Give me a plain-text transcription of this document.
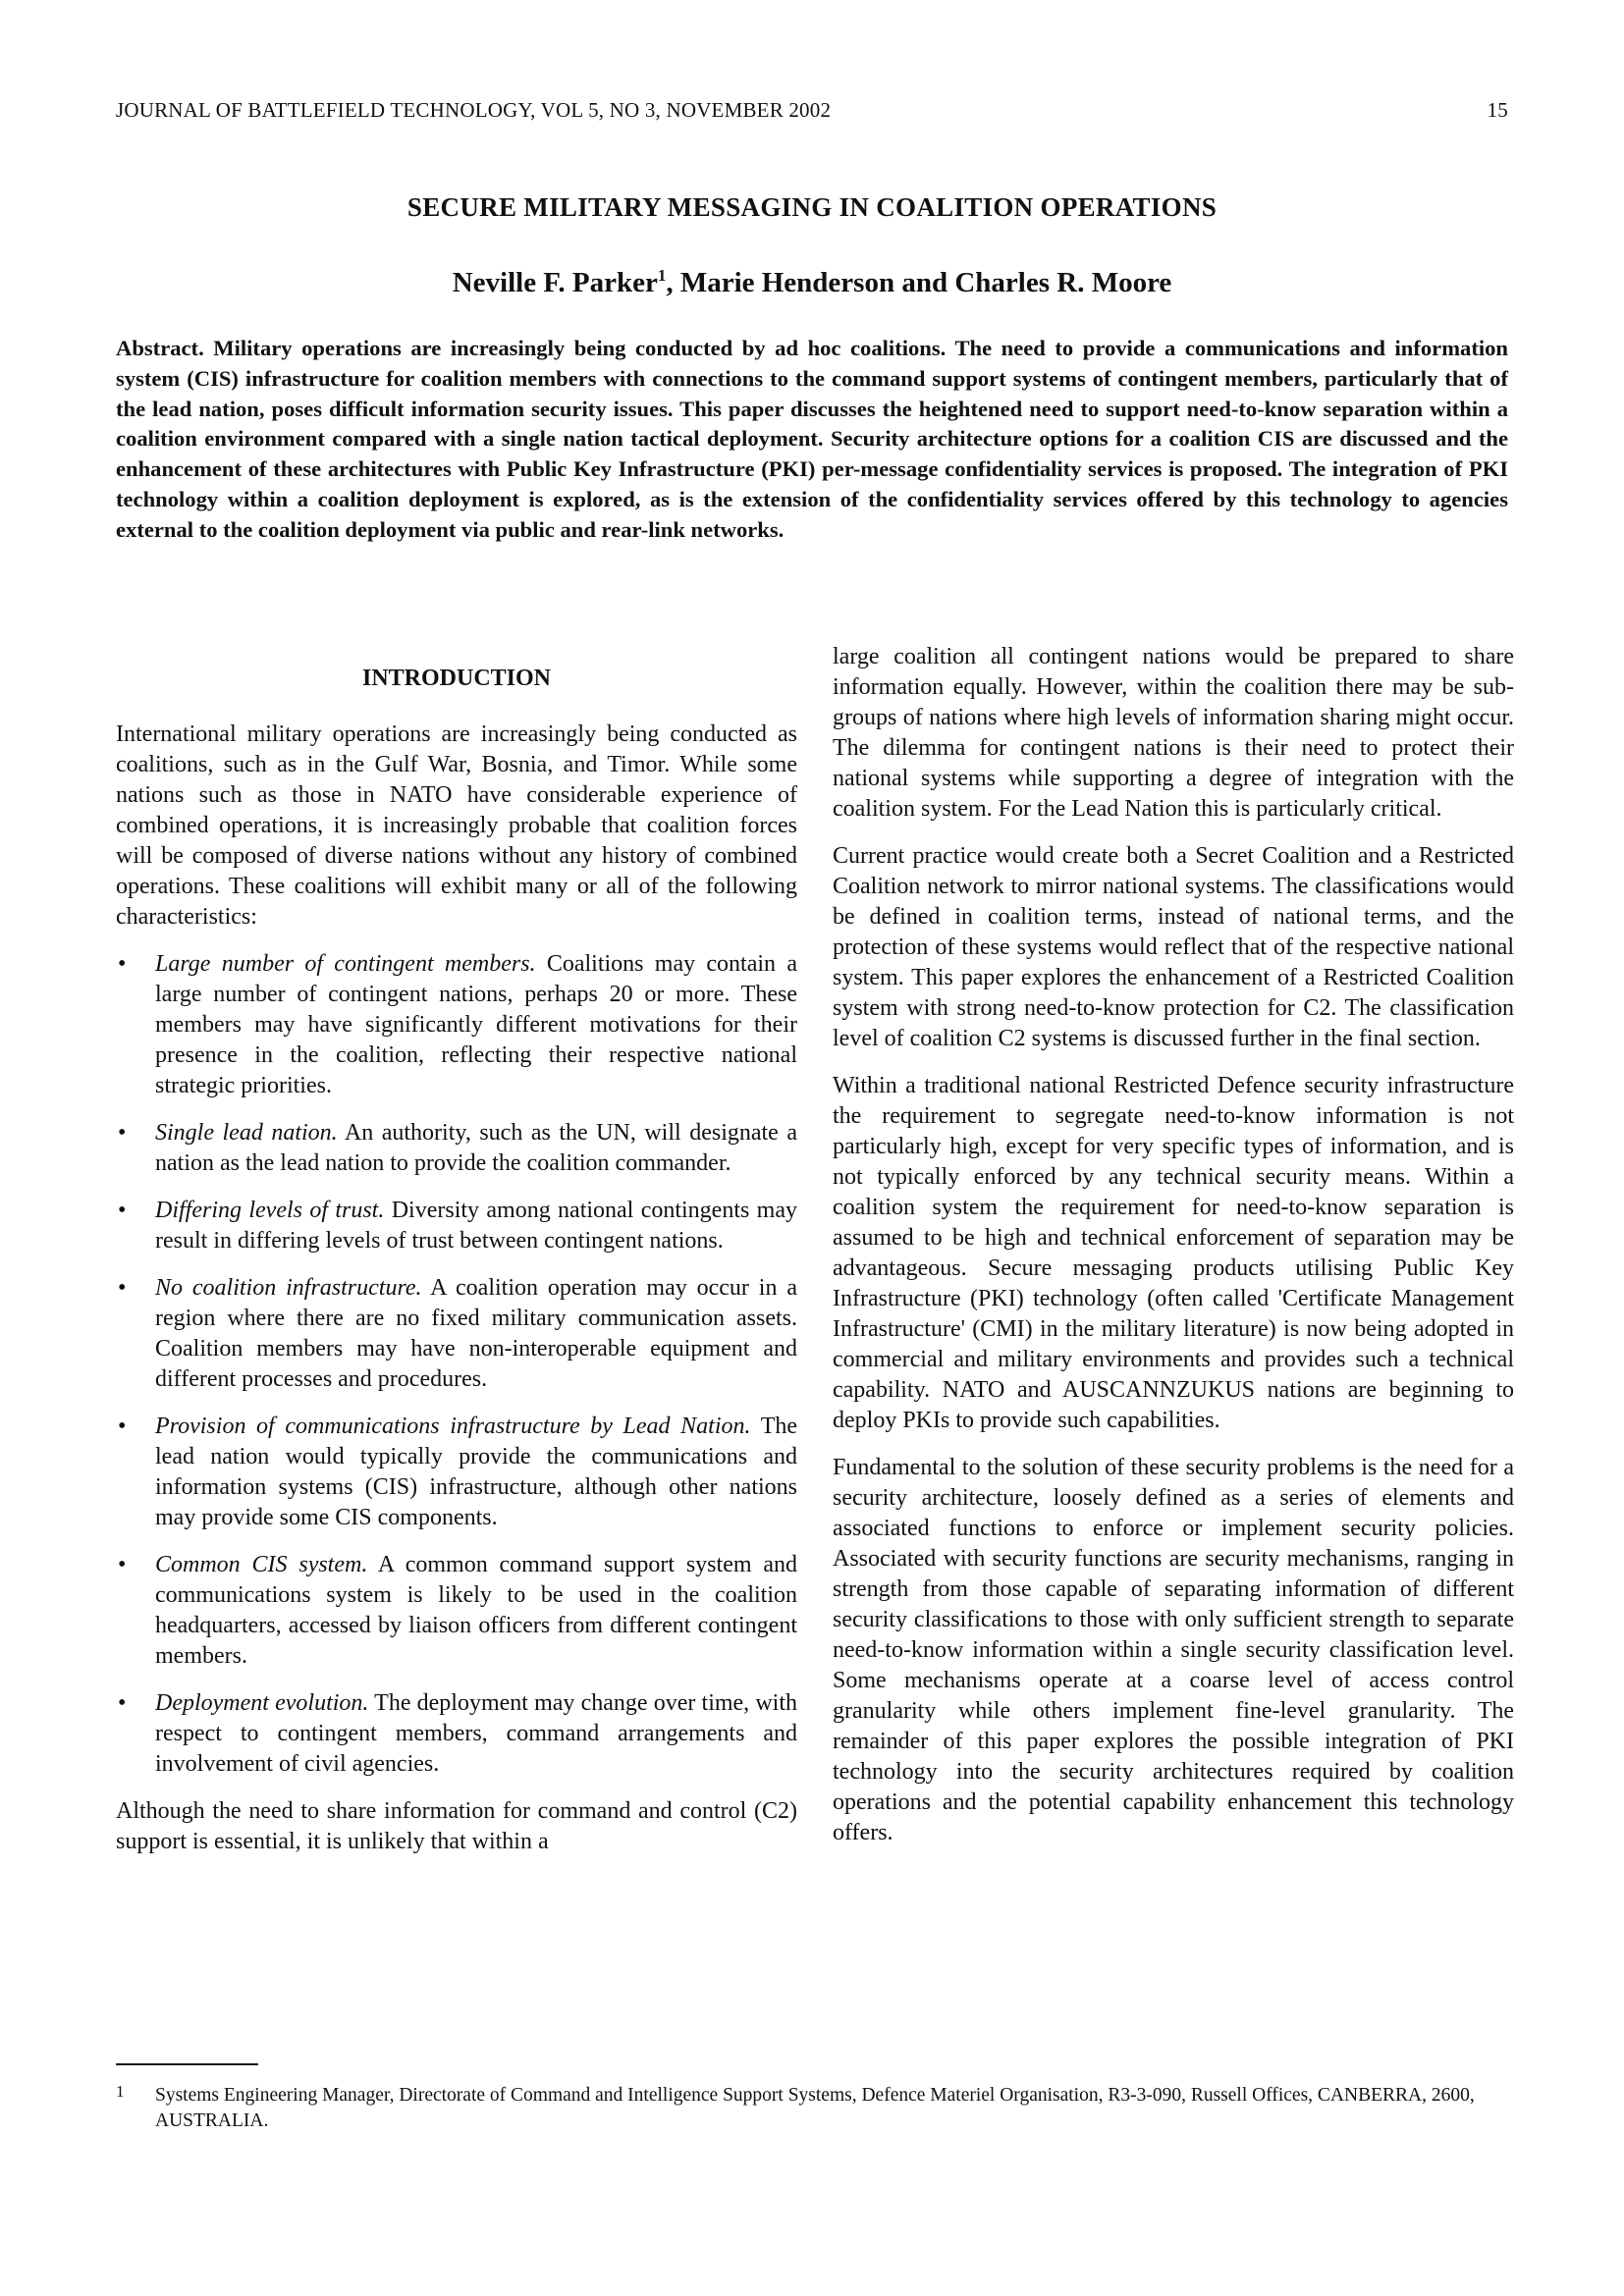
JOURNAL OF BATTLEFIELD TECHNOLOGY, VOL 5, NO 3, NOVEMBER 2002	15
SECURE MILITARY MESSAGING IN COALITION OPERATIONS
Neville F. Parker$^1$, Marie Henderson and Charles R. Moore
Abstract. Military operations are increasingly being conducted by ad hoc coalitions. The need to provide a communications and information system (CIS) infrastructure for coalition members with connections to the command support systems of contingent members, particularly that of the lead nation, poses difficult information security issues. This paper discusses the heightened need to support need-to-know separation within a coalition environment compared with a single nation tactical deployment. Security architecture options for a coalition CIS are discussed and the enhancement of these architectures with Public Key Infrastructure (PKI) per-message confidentiality services is proposed. The integration of PKI technology within a coalition deployment is explored, as is the extension of the confidentiality services offered by this technology to agencies external to the coalition deployment via public and rear-link networks.
INTRODUCTION

International military operations are increasingly being conducted as coalitions, such as in the Gulf War, Bosnia, and Timor. While some nations such as those in NATO have considerable experience of combined operations, it is increasingly probable that coalition forces will be composed of diverse nations without any history of combined operations. These coalitions will exhibit many or all of the following characteristics:

• Large number of contingent members. Coalitions may contain a large number of contingent nations, perhaps 20 or more. These members may have significantly different motivations for their presence in the coalition, reflecting their respective national strategic priorities.
• Single lead nation. An authority, such as the UN, will designate a nation as the lead nation to provide the coalition commander.
• Differing levels of trust. Diversity among national contingents may result in differing levels of trust between contingent nations.
• No coalition infrastructure. A coalition operation may occur in a region where there are no fixed military communication assets. Coalition members may have non-interoperable equipment and different processes and procedures.
• Provision of communications infrastructure by Lead Nation. The lead nation would typically provide the communications and information systems (CIS) infrastructure, although other nations may provide some CIS components.
• Common CIS system. A common command support system and communications system is likely to be used in the coalition headquarters, accessed by liaison officers from different contingent members.
• Deployment evolution. The deployment may change over time, with respect to contingent members, command arrangements and involvement of civil agencies.

Although the need to share information for command and control (C2) support is essential, it is unlikely that within a

large coalition all contingent nations would be prepared to share information equally. However, within the coalition there may be sub-groups of nations where high levels of information sharing might occur. The dilemma for contingent nations is their need to protect their national systems while supporting a degree of integration with the coalition system. For the Lead Nation this is particularly critical.

Current practice would create both a Secret Coalition and a Restricted Coalition network to mirror national systems. The classifications would be defined in coalition terms, instead of national terms, and the protection of these systems would reflect that of the respective national system. This paper explores the enhancement of a Restricted Coalition system with strong need-to-know protection for C2. The classification level of coalition C2 systems is discussed further in the final section.

Within a traditional national Restricted Defence security infrastructure the requirement to segregate need-to-know information is not particularly high, except for very specific types of information, and is not typically enforced by any technical security means. Within a coalition system the requirement for need-to-know separation is assumed to be high and technical enforcement of separation may be advantageous. Secure messaging products utilising Public Key Infrastructure (PKI) technology (often called 'Certificate Management Infrastructure' (CMI) in the military literature) is now being adopted in commercial and military environments and provides such a technical capability. NATO and AUSCANNZUKUS nations are beginning to deploy PKIs to provide such capabilities.

Fundamental to the solution of these security problems is the need for a security architecture, loosely defined as a series of elements and associated functions to enforce or implement security policies. Associated with security functions are security mechanisms, ranging in strength from those capable of separating information of different security classifications to those with only sufficient strength to separate need-to-know information within a single security classification level. Some mechanisms operate at a coarse level of access control granularity while others implement fine-level granularity. The remainder of this paper explores the possible integration of PKI technology into the security architectures required by coalition operations and the potential capability enhancement this technology offers.

1	Systems Engineering Manager, Directorate of Command and Intelligence Support Systems, Defence Materiel Organisation, R3-3-090, Russell Offices, CANBERRA, 2600, AUSTRALIA.
